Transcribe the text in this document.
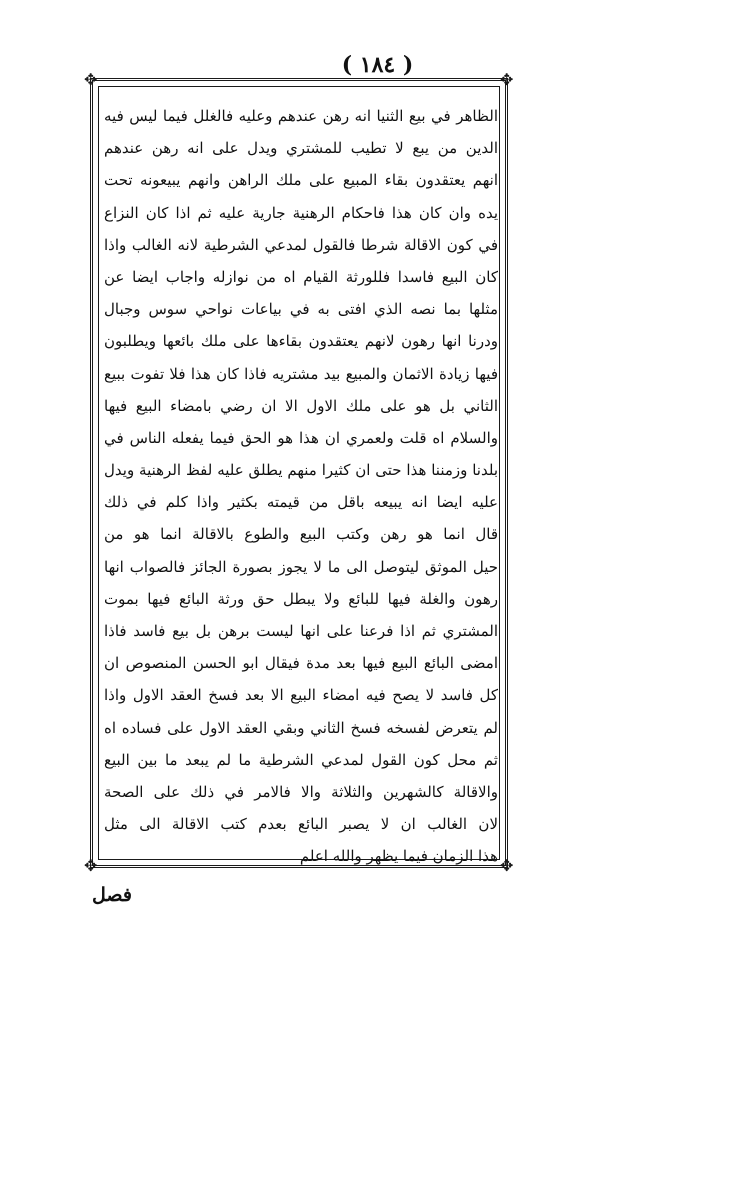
( ١٨٤ )
✥	✥
✥	✥
الظاهر في بيع الثنيا انه رهن عندهم وعليه فالغلل فيما ليس فيه
الدين من يبع لا تطيب للمشتري ويدل على انه رهن عندهم
انهم يعتقدون بقاء المبيع على ملك الراهن وانهم يبيعونه تحت
يده وان كان هذا فاحكام الرهنية جارية عليه ثم اذا كان النزاع
في كون الاقالة شرطا فالقول لمدعي الشرطية لانه الغالب واذا
كان البيع فاسدا فللورثة القيام اه من نوازله واجاب ايضا عن
مثلها بما نصه الذي افتى به في بياعات نواحي سوس وجبال
ودرنا انها رهون لانهم يعتقدون بقاءها على ملك بائعها ويطلبون
فيها زيادة الاثمان والمبيع بيد مشتريه فاذا كان هذا فلا تفوت ببيع
الثاني بل هو على ملك الاول الا ان رضي بامضاء البيع فيها
والسلام اه قلت ولعمري ان هذا هو الحق فيما يفعله الناس في
بلدنا وزمننا هذا حتى ان كثيرا منهم يطلق عليه لفظ الرهنية ويدل
عليه ايضا انه يبيعه باقل من قيمته بكثير واذا كلم في ذلك
قال انما هو رهن وكتب البيع والطوع بالاقالة انما هو من
حيل الموثق ليتوصل الى ما لا يجوز بصورة الجائز فالصواب انها
رهون والغلة فيها للبائع ولا يبطل حق ورثة البائع فيها بموت
المشتري ثم اذا فرعنا على انها ليست برهن بل بيع فاسد فاذا
امضى البائع البيع فيها بعد مدة فيقال ابو الحسن المنصوص ان
كل فاسد لا يصح فيه امضاء البيع الا بعد فسخ العقد الاول واذا
لم يتعرض لفسخه فسخ الثاني وبقي العقد الاول على فساده اه
ثم محل كون القول لمدعي الشرطية ما لم يبعد ما بين البيع
والاقالة كالشهرين والثلاثة والا فالامر في ذلك على الصحة
لان الغالب ان لا يصبر البائع بعدم كتب الاقالة الى مثل
هذا الزمان فيما يظهر والله اعلم
فصل
